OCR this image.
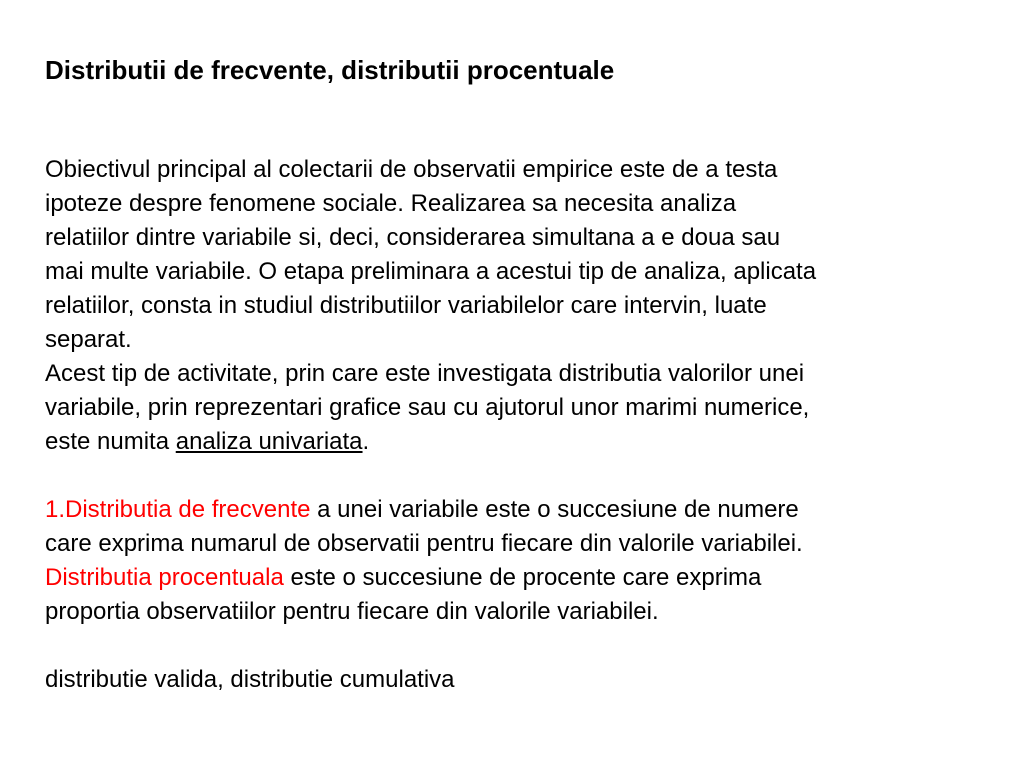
Distributii de frecvente, distributii procentuale

Obiectivul principal al colectarii de observatii empirice este de a testa
ipoteze despre fenomene sociale. Realizarea sa necesita analiza
relatiilor dintre variabile si, deci, considerarea simultana a e doua sau
mai multe variabile. O etapa preliminara a acestui tip de analiza, aplicata
relatiilor, consta in studiul distributiilor variabilelor care intervin, luate
separat.

Acest tip de activitate, prin care este investigata distributia valorilor unei
variabile, prin reprezentari grafice sau cu ajutorul unor marimi numerice,
este numita analiza univariata.

1.Distributia de frecvente a unei variabile este o succesiune de numere
care exprima numarul de observatii pentru fiecare din valorile variabilei.

Distributia procentuala este o succesiune de procente care exprima
proportia observatiilor pentru fiecare din valorile variabilei.

distributie valida, distributie cumulativa
